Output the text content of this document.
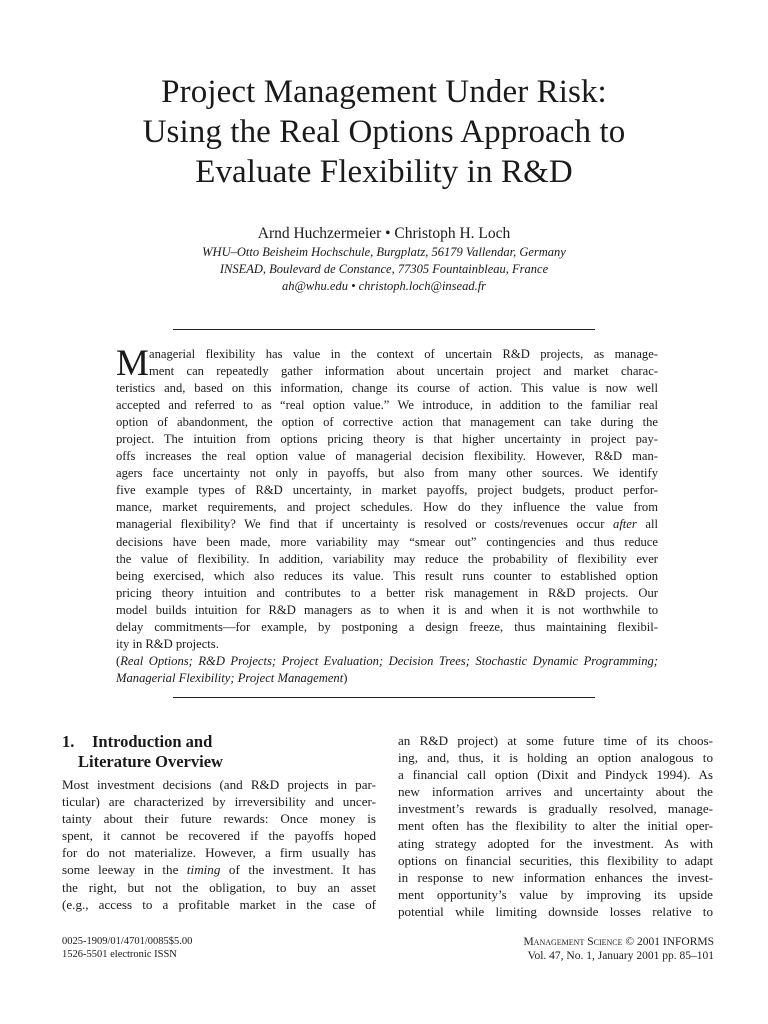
Project Management Under Risk:
Using the Real Options Approach to
Evaluate Flexibility in R&D
Arnd Huchzermeier • Christoph H. Loch
WHU–Otto Beisheim Hochschule, Burgplatz, 56179 Vallendar, Germany
INSEAD, Boulevard de Constance, 77305 Fountainbleau, France
ah@whu.edu • christoph.loch@insead.fr
M anagerial flexibility has value in the context of uncertain R&D projects, as manage-
ment can repeatedly gather information about uncertain project and market charac-
teristics and, based on this information, change its course of action. This value is now well
accepted and referred to as “real option value.” We introduce, in addition to the familiar real
option of abandonment, the option of corrective action that management can take during the
project. The intuition from options pricing theory is that higher uncertainty in project pay-
offs increases the real option value of managerial decision flexibility. However, R&D man-
agers face uncertainty not only in payoffs, but also from many other sources. We identify
five example types of R&D uncertainty, in market payoffs, project budgets, product perfor-
mance, market requirements, and project schedules. How do they influence the value from
managerial flexibility? We find that if uncertainty is resolved or costs/revenues occur after all
decisions have been made, more variability may “smear out” contingencies and thus reduce
the value of flexibility. In addition, variability may reduce the probability of flexibility ever
being exercised, which also reduces its value. This result runs counter to established option
pricing theory intuition and contributes to a better risk management in R&D projects. Our
model builds intuition for R&D managers as to when it is and when it is not worthwhile to
delay commitments—for example, by postponing a design freeze, thus maintaining flexibil-
ity in R&D projects.
(Real Options; R&D Projects; Project Evaluation; Decision Trees; Stochastic Dynamic Programming;
Managerial Flexibility; Project Management)
1. Introduction and
Literature Overview
Most investment decisions (and R&D projects in par-
ticular) are characterized by irreversibility and uncer-
tainty about their future rewards: Once money is
spent, it cannot be recovered if the payoffs hoped
for do not materialize. However, a firm usually has
some leeway in the timing of the investment. It has
the right, but not the obligation, to buy an asset
(e.g., access to a profitable market in the case of
an R&D project) at some future time of its choos-
ing, and, thus, it is holding an option analogous to
a financial call option (Dixit and Pindyck 1994). As
new information arrives and uncertainty about the
investment’s rewards is gradually resolved, manage-
ment often has the flexibility to alter the initial oper-
ating strategy adopted for the investment. As with
options on financial securities, this flexibility to adapt
in response to new information enhances the invest-
ment opportunity’s value by improving its upside
potential while limiting downside losses relative to
0025-1909/01/4701/0085$5.00
1526-5501 electronic ISSN
Management Science © 2001 INFORMS
Vol. 47, No. 1, January 2001 pp. 85–101
